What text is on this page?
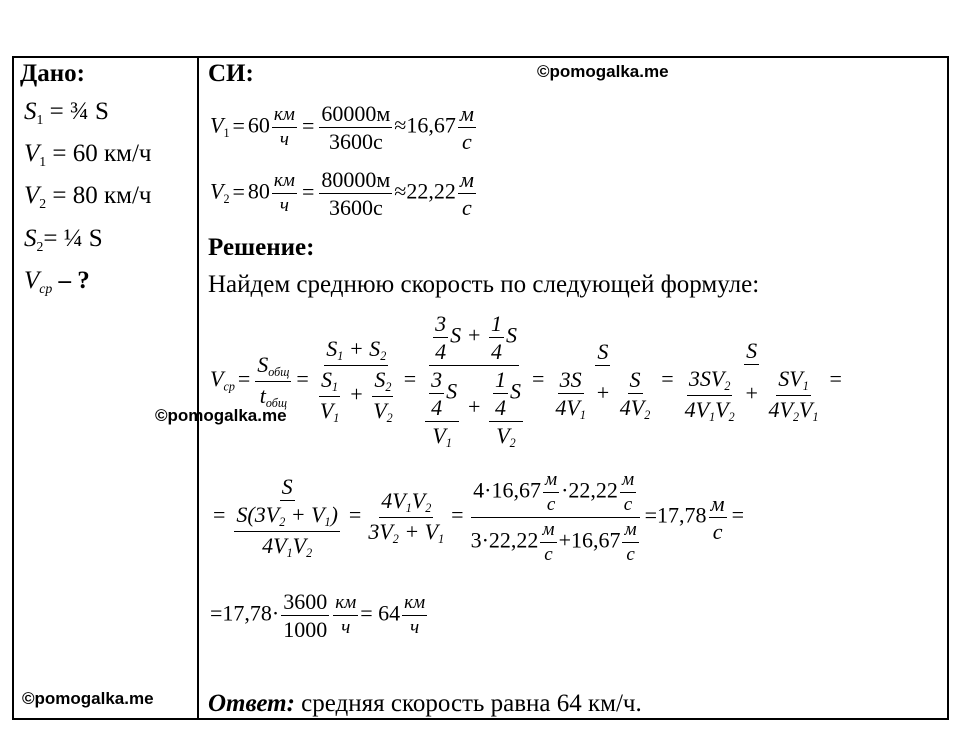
©pomogalka.me
©pomogalka.me
©pomogalka.me
Дано:
$S_1$ = ¾ S
$V_1 = 60$ км/ч
$V_2 = 80$ км/ч
$S_2=$ ¼ S
$V_{ср}$ – ?
СИ:
$V_1 = 60 \frac{км}{ч} = \frac{60000м}{3600с} \approx 16,67 \frac{м}{с}$
$V_2 = 80 \frac{км}{ч} = \frac{80000м}{3600с} \approx 22,22 \frac{м}{с}$
Решение:
Найдем среднюю скорость по следующей формуле:
$V_{ср} = \frac{S_{общ}}{t_{общ}} = \frac{S_1 + S_2}{\frac{S_1}{V_1} + \frac{S_2}{V_2}} = \frac{\frac{3}{4} S + \frac{1}{4} S}{\frac{\frac{3}{4} S}{V_1} + \frac{\frac{1}{4} S}{V_2}} = \frac{S}{\frac{3S}{4V_1} + \frac{S}{4V_2}} = \frac{S}{\frac{3SV_2}{4V_1V_2} + \frac{SV_1}{4V_2V_1}}$ =
= $\frac{S}{\frac{S(3V_2 + V_1)}{4V_1V_2}} = \frac{4V_1V_2}{3V_2 + V_1} = \frac{4\cdot 16,67 \frac{м}{с} \cdot 22,22 \frac{м}{с}}{3\cdot 22,22 \frac{м}{с} +16,67 \frac{м}{с}} =17,78 \frac{м}{с}$ =
$=17,78\cdot \frac{3600}{1000} \frac{км}{ч} = 64 \frac{км}{ч}$
Ответ: средняя скорость равна 64 км/ч.
